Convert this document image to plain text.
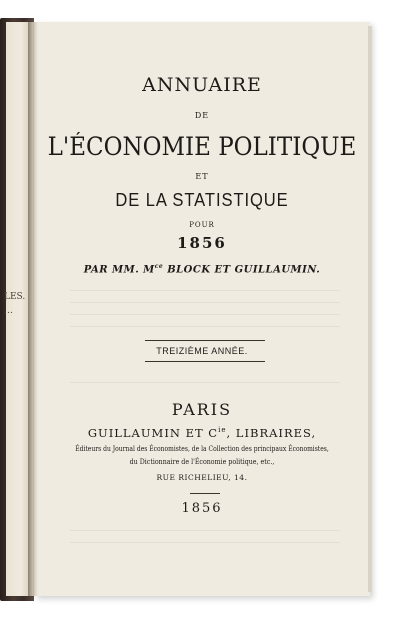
LES.
…
ANNUAIRE
DE
L'ÉCONOMIE POLITIQUE
ET
DE LA STATISTIQUE
POUR
1856
PAR MM. $M^{ce}$ BLOCK ET GUILLAUMIN.
TREIZIÈME ANNÉE.
PARIS
GUILLAUMIN ET $C^{ie}$, LIBRAIRES,
Éditeurs du Journal des Économistes, de la Collection des principaux Économistes,
du Dictionnaire de l'Économie politique, etc.,
RUE RICHELIEU, 14.
1856
